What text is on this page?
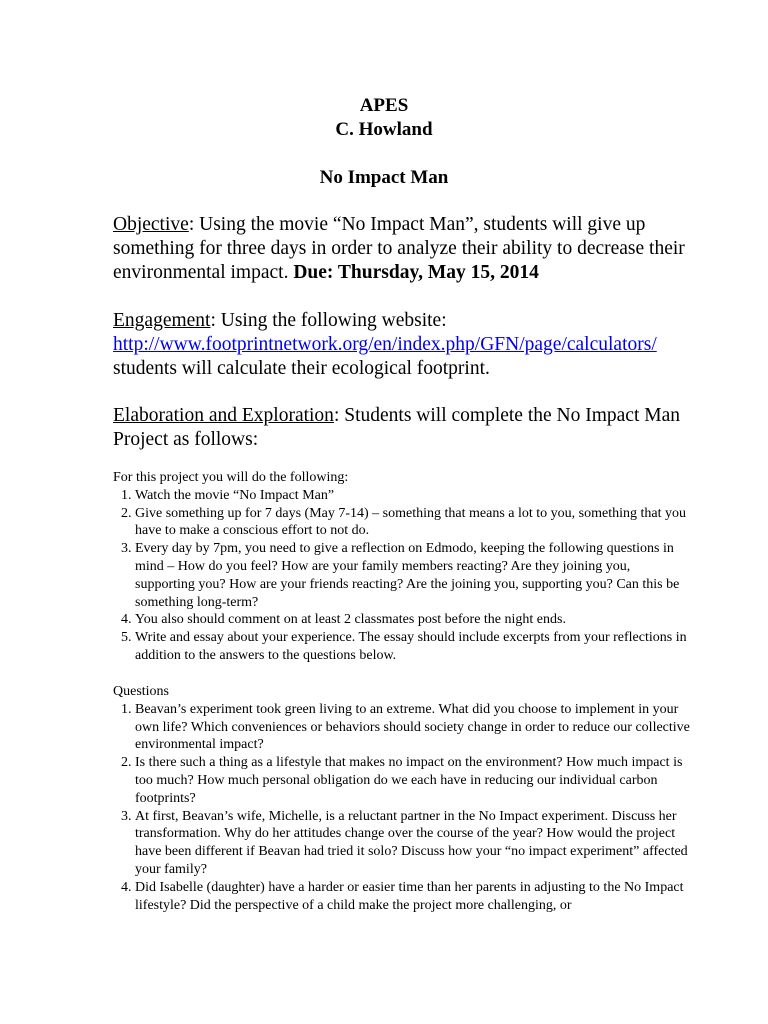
APES
C. Howland
No Impact Man
Objective: Using the movie “No Impact Man”, students will give up something for three days in order to analyze their ability to decrease their environmental impact. Due: Thursday, May 15, 2014
Engagement: Using the following website:
http://www.footprintnetwork.org/en/index.php/GFN/page/calculators/
students will calculate their ecological footprint.
Elaboration and Exploration: Students will complete the No Impact Man Project as follows:
For this project you will do the following:
1. Watch the movie “No Impact Man”
2. Give something up for 7 days (May 7-14) – something that means a lot to you, something that you have to make a conscious effort to not do.
3. Every day by 7pm, you need to give a reflection on Edmodo, keeping the following questions in mind – How do you feel? How are your family members reacting? Are they joining you, supporting you? How are your friends reacting? Are the joining you, supporting you? Can this be something long-term?
4. You also should comment on at least 2 classmates post before the night ends.
5. Write and essay about your experience. The essay should include excerpts from your reflections in addition to the answers to the questions below.
Questions
1. Beavan’s experiment took green living to an extreme. What did you choose to implement in your own life? Which conveniences or behaviors should society change in order to reduce our collective environmental impact?
2. Is there such a thing as a lifestyle that makes no impact on the environment? How much impact is too much? How much personal obligation do we each have in reducing our individual carbon footprints?
3. At first, Beavan’s wife, Michelle, is a reluctant partner in the No Impact experiment. Discuss her transformation. Why do her attitudes change over the course of the year? How would the project have been different if Beavan had tried it solo? Discuss how your “no impact experiment” affected your family?
4. Did Isabelle (daughter) have a harder or easier time than her parents in adjusting to the No Impact lifestyle? Did the perspective of a child make the project more challenging, or
